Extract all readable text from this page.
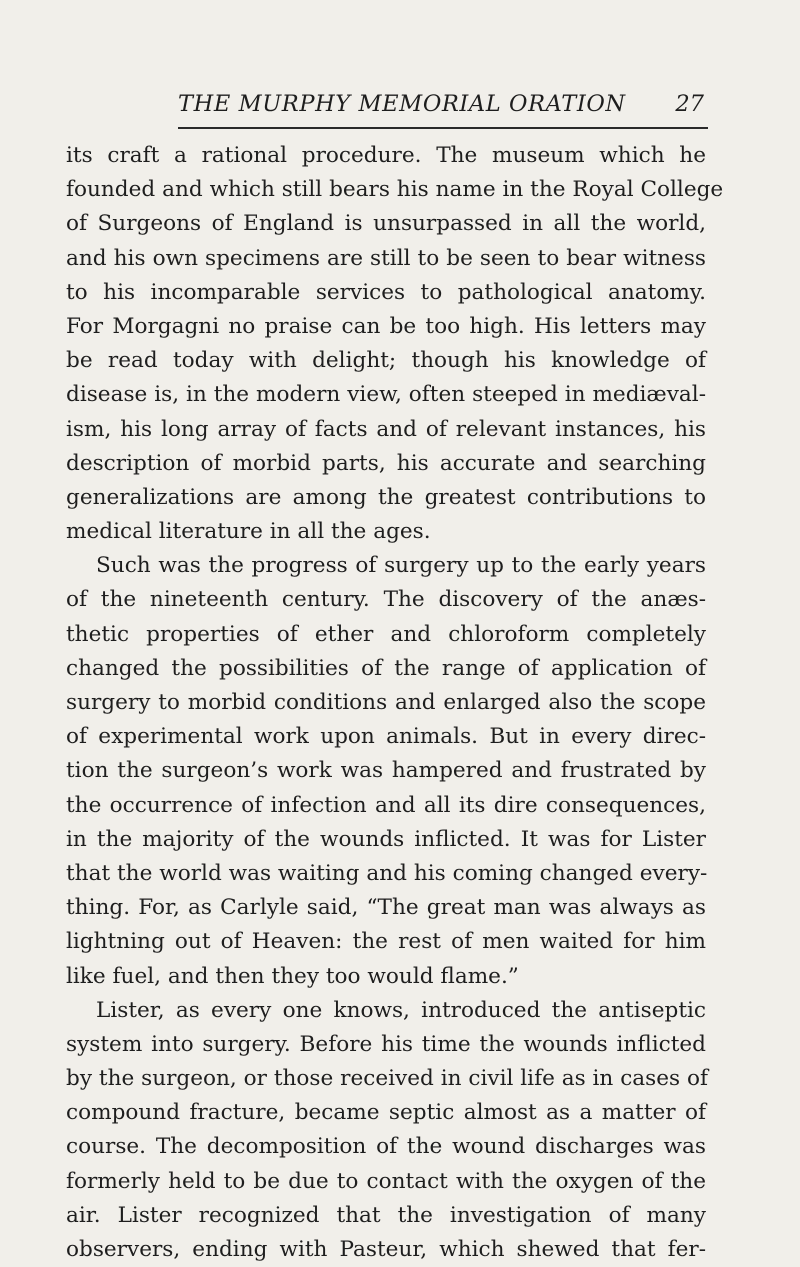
THE MURPHY MEMORIAL ORATION 27
its craft a rational procedure. The museum which he
founded and which still bears his name in the Royal College
of Surgeons of England is unsurpassed in all the world,
and his own specimens are still to be seen to bear witness
to his incomparable services to pathological anatomy.
For Morgagni no praise can be too high. His letters may
be read today with delight; though his knowledge of
disease is, in the modern view, often steeped in mediæval-
ism, his long array of facts and of relevant instances, his
description of morbid parts, his accurate and searching
generalizations are among the greatest contributions to
medical literature in all the ages.
Such was the progress of surgery up to the early years
of the nineteenth century. The discovery of the anæs-
thetic properties of ether and chloroform completely
changed the possibilities of the range of application of
surgery to morbid conditions and enlarged also the scope
of experimental work upon animals. But in every direc-
tion the surgeon’s work was hampered and frustrated by
the occurrence of infection and all its dire consequences,
in the majority of the wounds inflicted. It was for Lister
that the world was waiting and his coming changed every-
thing. For, as Carlyle said, “The great man was always as
lightning out of Heaven: the rest of men waited for him
like fuel, and then they too would flame.”
Lister, as every one knows, introduced the antiseptic
system into surgery. Before his time the wounds inflicted
by the surgeon, or those received in civil life as in cases of
compound fracture, became septic almost as a matter of
course. The decomposition of the wound discharges was
formerly held to be due to contact with the oxygen of the
air. Lister recognized that the investigation of many
observers, ending with Pasteur, which shewed that fer-
